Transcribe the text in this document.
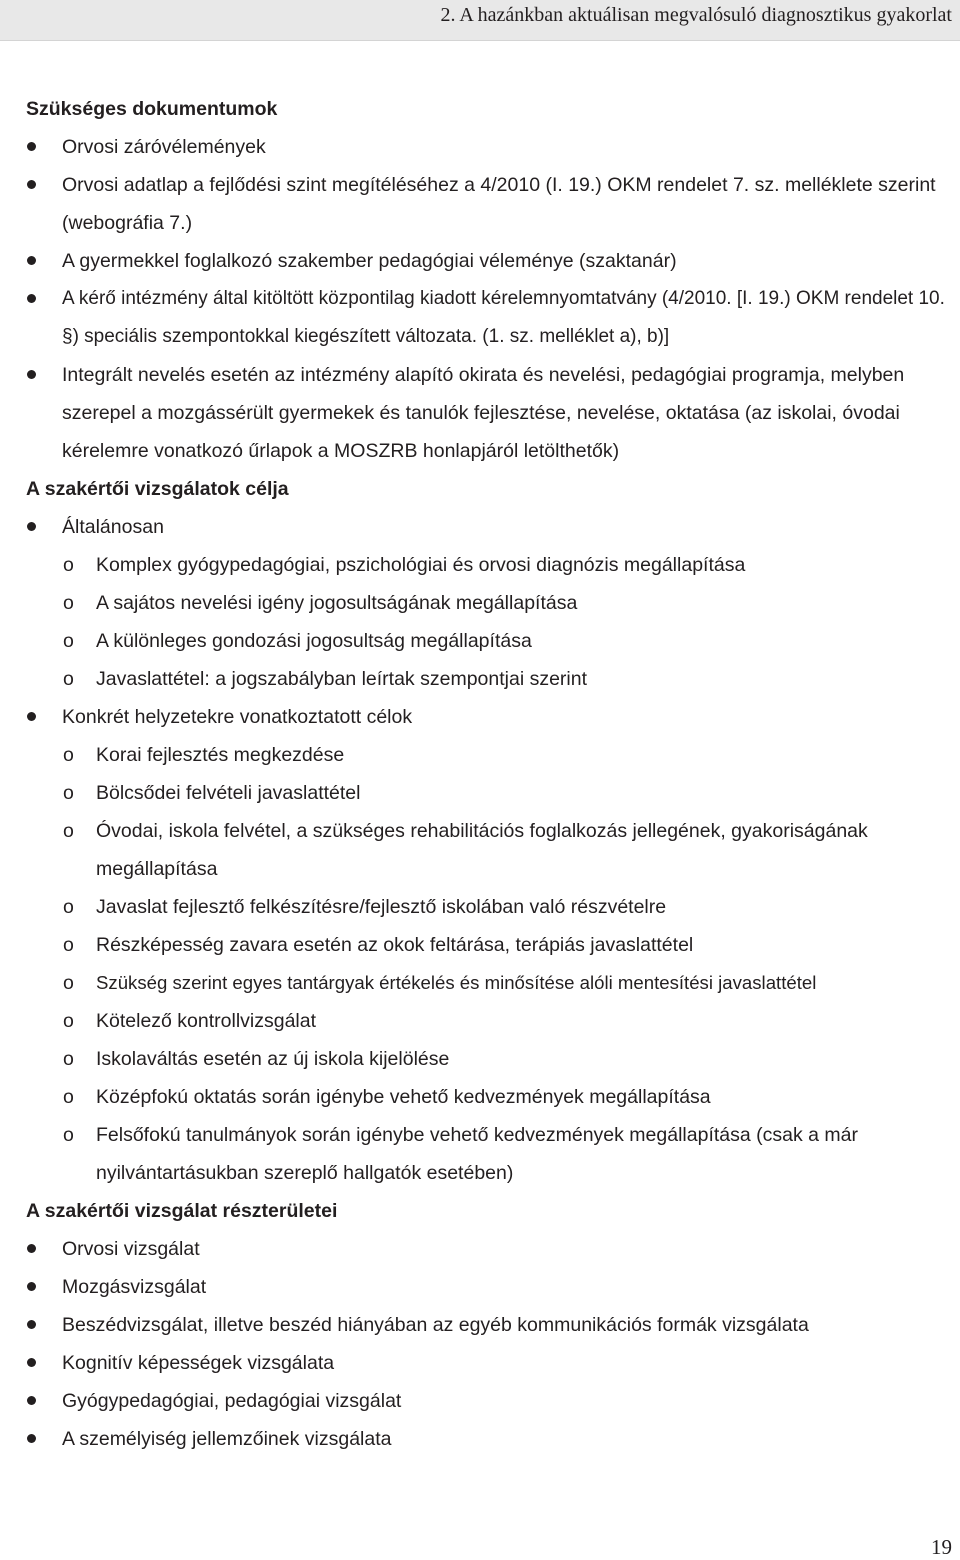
2. A hazánkban aktuálisan megvalósuló diagnosztikus gyakorlat
Szükséges dokumentumok
Orvosi záróvélemények
Orvosi adatlap a fejlődési szint megítéléséhez a 4/2010 (I. 19.) OKM rendelet 7. sz. melléklete szerint (webográfia 7.)
A gyermekkel foglalkozó szakember pedagógiai véleménye (szaktanár)
A kérő intézmény által kitöltött központilag kiadott kérelemnyomtatvány (4/2010. [I. 19.) OKM rendelet 10. §) speciális szempontokkal kiegészített változata. (1. sz. melléklet a), b)]
Integrált nevelés esetén az intézmény alapító okirata és nevelési, pedagógiai programja, melyben szerepel a mozgássérült gyermekek és tanulók fejlesztése, nevelése, oktatása (az iskolai, óvodai kérelemre vonatkozó űrlapok a MOSZRB honlapjáról letölthetők)
A szakértői vizsgálatok célja
Általánosan
o	Komplex gyógypedagógiai, pszichológiai és orvosi diagnózis megállapítása
o	A sajátos nevelési igény jogosultságának megállapítása
o	A különleges gondozási jogosultság megállapítása
o	Javaslattétel: a jogszabályban leírtak szempontjai szerint
Konkrét helyzetekre vonatkoztatott célok
o	Korai fejlesztés megkezdése
o	Bölcsődei felvételi javaslattétel
o	Óvodai, iskola felvétel, a szükséges rehabilitációs foglalkozás jellegének, gyakoriságának megállapítása
o	Javaslat fejlesztő felkészítésre/fejlesztő iskolában való részvételre
o	Részképesség zavara esetén az okok feltárása, terápiás javaslattétel
o	Szükség szerint egyes tantárgyak értékelés és minősítése alóli mentesítési javaslattétel
o	Kötelező kontrollvizsgálat
o	Iskolaváltás esetén az új iskola kijelölése
o	Középfokú oktatás során igénybe vehető kedvezmények megállapítása
o	Felsőfokú tanulmányok során igénybe vehető kedvezmények megállapítása (csak a már nyilvántartásukban szereplő hallgatók esetében)
A szakértői vizsgálat részterületei
Orvosi vizsgálat
Mozgásvizsgálat
Beszédvizsgálat, illetve beszéd hiányában az egyéb kommunikációs formák vizsgálata
Kognitív képességek vizsgálata
Gyógypedagógiai, pedagógiai vizsgálat
A személyiség jellemzőinek vizsgálata
19
